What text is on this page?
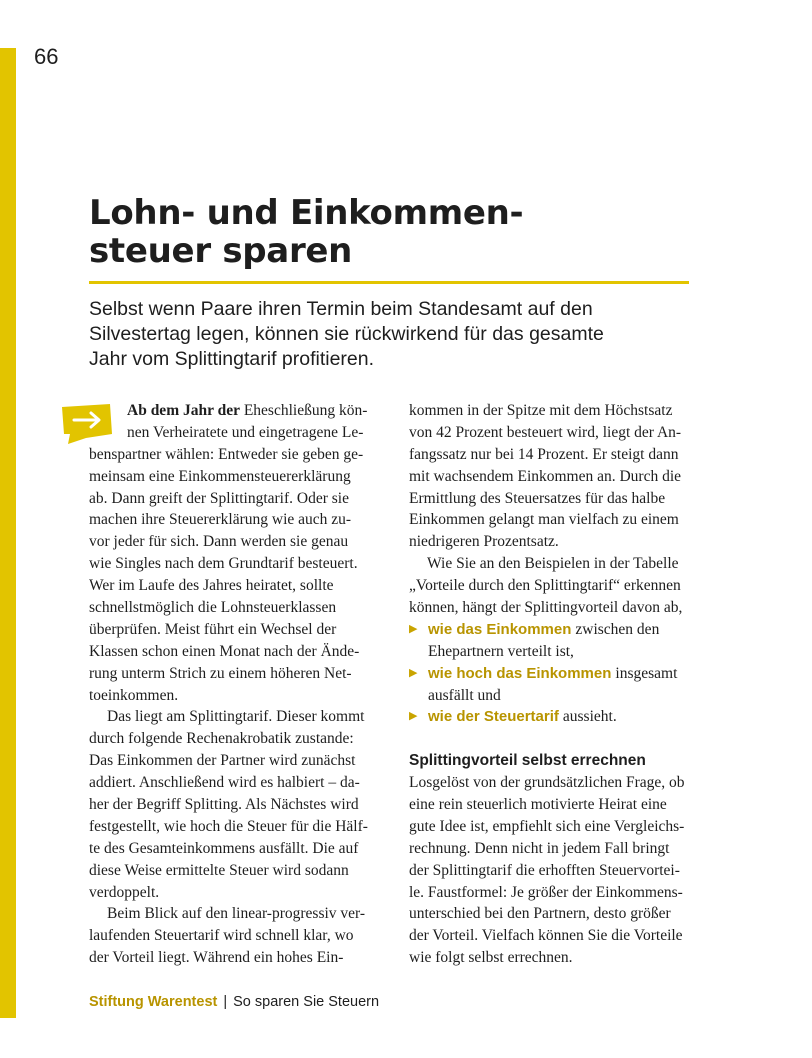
66
Lohn- und Einkommen-
steuer sparen
Selbst wenn Paare ihren Termin beim Standesamt auf den
Silvestertag legen, können sie rückwirkend für das gesamte
Jahr vom Splittingtarif profitieren.
Ab dem Jahr der Eheschließung kön-
nen Verheiratete und eingetragene Le-
benspartner wählen: Entweder sie geben ge-
meinsam eine Einkommensteuererklärung
ab. Dann greift der Splittingtarif. Oder sie
machen ihre Steuererklärung wie auch zu-
vor jeder für sich. Dann werden sie genau
wie Singles nach dem Grundtarif besteuert.
Wer im Laufe des Jahres heiratet, sollte
schnellstmöglich die Lohnsteuerklassen
überprüfen. Meist führt ein Wechsel der
Klassen schon einen Monat nach der Ände-
rung unterm Strich zu einem höheren Net-
toeinkommen.
Das liegt am Splittingtarif. Dieser kommt
durch folgende Rechenakrobatik zustande:
Das Einkommen der Partner wird zunächst
addiert. Anschließend wird es halbiert – da-
her der Begriff Splitting. Als Nächstes wird
festgestellt, wie hoch die Steuer für die Hälf-
te des Gesamteinkommens ausfällt. Die auf
diese Weise ermittelte Steuer wird sodann
verdoppelt.
Beim Blick auf den linear-progressiv ver-
laufenden Steuertarif wird schnell klar, wo
der Vorteil liegt. Während ein hohes Ein-
kommen in der Spitze mit dem Höchstsatz
von 42 Prozent besteuert wird, liegt der An-
fangssatz nur bei 14 Prozent. Er steigt dann
mit wachsendem Einkommen an. Durch die
Ermittlung des Steuersatzes für das halbe
Einkommen gelangt man vielfach zu einem
niedrigeren Prozentsatz.
Wie Sie an den Beispielen in der Tabelle
„Vorteile durch den Splittingtarif“ erkennen
können, hängt der Splittingvorteil davon ab,
▶ wie das Einkommen zwischen den
Ehepartnern verteilt ist,
▶ wie hoch das Einkommen insgesamt
ausfällt und
▶ wie der Steuertarif aussieht.
Splittingvorteil selbst errechnen
Losgelöst von der grundsätzlichen Frage, ob
eine rein steuerlich motivierte Heirat eine
gute Idee ist, empfiehlt sich eine Vergleichs-
rechnung. Denn nicht in jedem Fall bringt
der Splittingtarif die erhofften Steuervortei-
le. Faustformel: Je größer der Einkommens-
unterschied bei den Partnern, desto größer
der Vorteil. Vielfach können Sie die Vorteile
wie folgt selbst errechnen.
Stiftung Warentest | So sparen Sie Steuern
